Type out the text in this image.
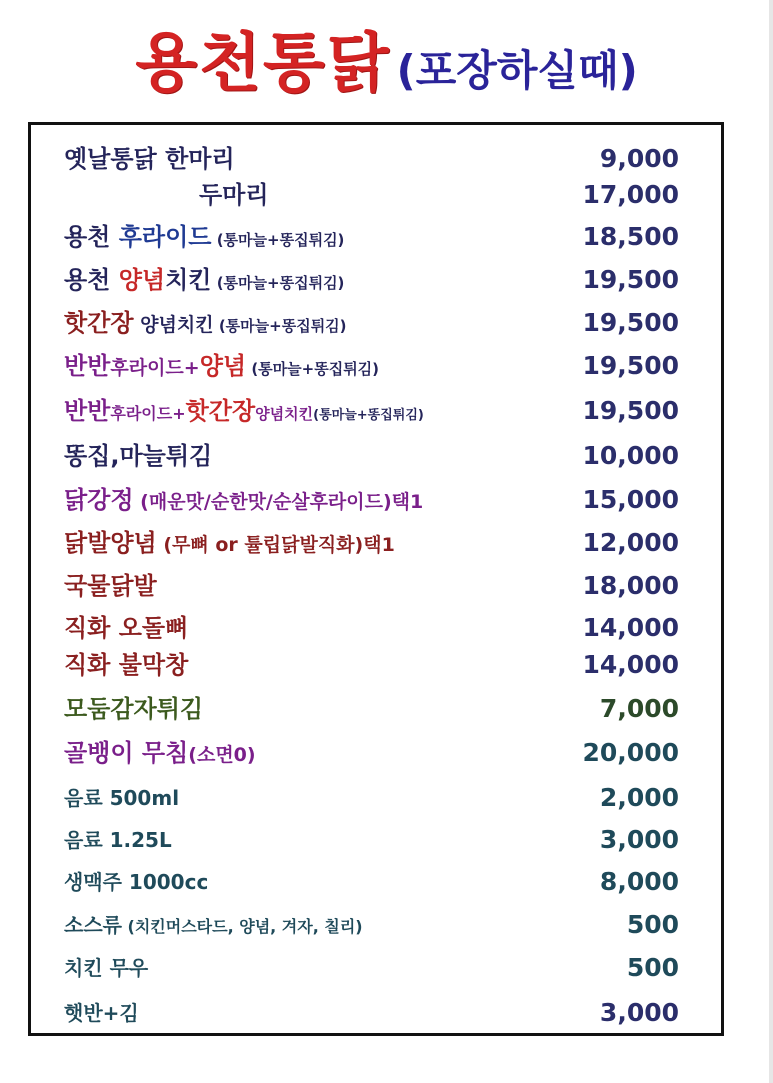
용천통닭 (포장하실때)
옛날통닭 한마리	9,000
두마리	17,000
용천 후라이드 (통마늘+똥집튀김)	18,500
용천 양념치킨 (통마늘+똥집튀김)	19,500
핫간장 양념치킨 (통마늘+똥집튀김)	19,500
반반후라이드+양념 (통마늘+똥집튀김)	19,500
반반후라이드+핫간장양념치킨(통마늘+똥집튀김)	19,500
똥집,마늘튀김	10,000
닭강정 (매운맛/순한맛/순살후라이드)택1	15,000
닭발양념 (무뼈 or 튤립닭발직화)택1	12,000
국물닭발	18,000
직화 오돌뼈	14,000
직화 불막창	14,000
모둠감자튀김	7,000
골뱅이 무침(소면0)	20,000
음료 500ml	2,000
음료 1.25L	3,000
생맥주 1000cc	8,000
소스류 (치킨머스타드, 양념, 겨자, 칠리)	500
치킨 무우	500
햇반+김	3,000
